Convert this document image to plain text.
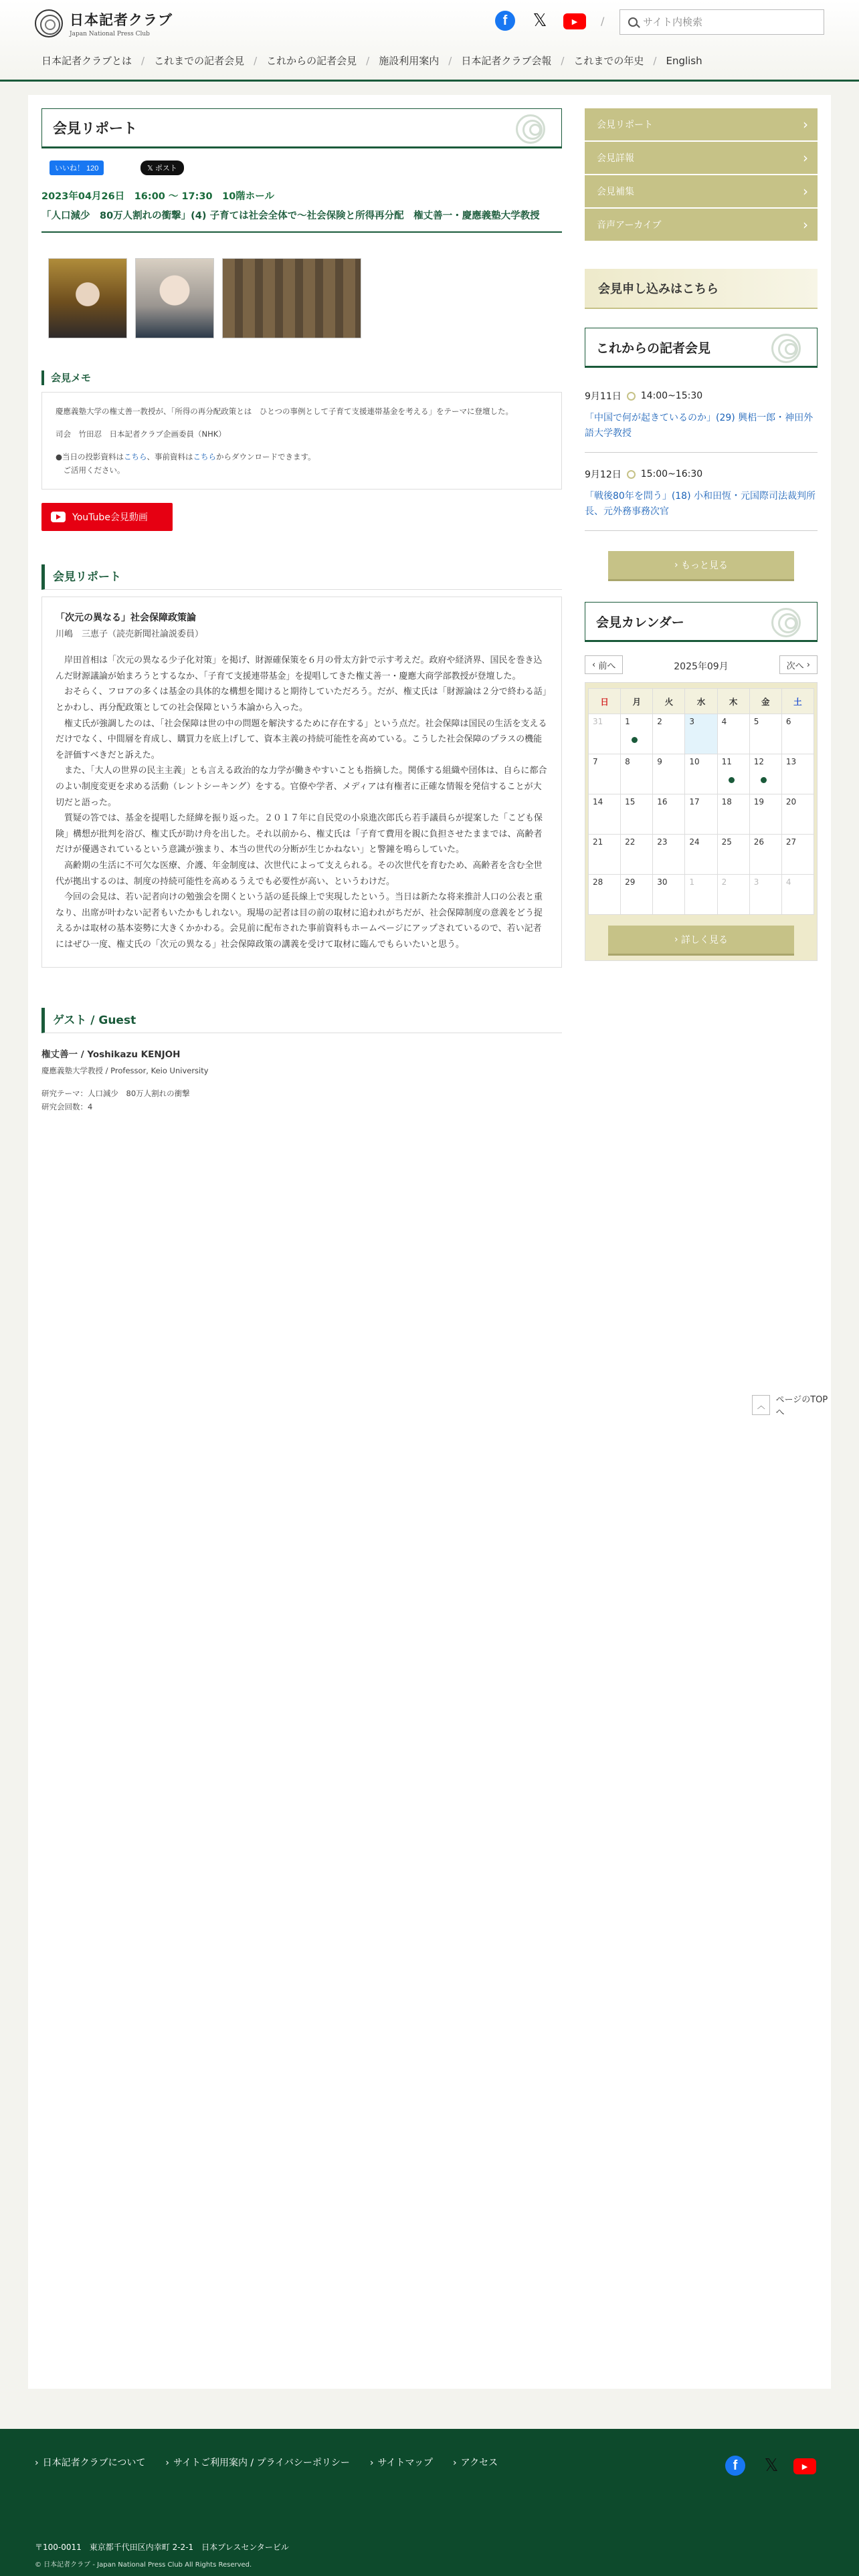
日本記者クラブ
Japan National Press Club
f	𝕏	▶	/
サイト内検索
日本記者クラブとは / これまでの記者会見 / これからの記者会見 / 施設利用案内 / 日本記者クラブ会報 / これまでの年史 / English
会見リポート
いいね！ 120	𝕏 ポスト
2023年04月26日　16:00 ～ 17:30　10階ホール
「人口減少　80万人割れの衝撃」(4) 子育ては社会全体で～社会保険と所得再分配　権丈善一・慶應義塾大学教授
会見メモ

慶應義塾大学の権丈善一教授が、「所得の再分配政策とは　ひとつの事例として子育て支援連帯基金を考える」をテーマに登壇した。

司会　竹田忍　日本記者クラブ企画委員（NHK）

●当日の投影資料はこちら、事前資料はこちらからダウンロードできます。
　ご活用ください。

YouTube会見動画
会見リポート
「次元の異なる」社会保障政策論
川嶋　三恵子（読売新聞社論説委員）

岸田首相は「次元の異なる少子化対策」を掲げ、財源確保策を６月の骨太方針で示す考えだ。政府や経済界、国民を巻き込んだ財源議論が始まろうとするなか、「子育て支援連帯基金」を提唱してきた権丈善一・慶應大商学部教授が登壇した。

おそらく、フロアの多くは基金の具体的な構想を聞けると期待していただろう。だが、権丈氏は「財源論は２分で終わる話」とかわし、再分配政策としての社会保障という本論から入った。

権丈氏が強調したのは、「社会保障は世の中の問題を解決するために存在する」という点だ。社会保障は国民の生活を支えるだけでなく、中間層を育成し、購買力を底上げして、資本主義の持続可能性を高めている。こうした社会保障のプラスの機能を評価すべきだと訴えた。

また、「大人の世界の民主主義」とも言える政治的な力学が働きやすいことも指摘した。関係する組織や団体は、自らに都合のよい制度変更を求める活動（レントシーキング）をする。官僚や学者、メディアは有権者に正確な情報を発信することが大切だと語った。

質疑の答では、基金を提唱した経緯を振り返った。２０１７年に自民党の小泉進次郎氏ら若手議員らが提案した「こども保険」構想が批判を浴び、権丈氏が助け舟を出した。それ以前から、権丈氏は「子育て費用を親に負担させたままでは、高齢者だけが優遇されているという意識が強まり、本当の世代の分断が生じかねない」と警鐘を鳴らしていた。

高齢期の生活に不可欠な医療、介護、年金制度は、次世代によって支えられる。その次世代を育むため、高齢者を含む全世代が拠出するのは、制度の持続可能性を高めるうえでも必要性が高い、というわけだ。

今回の会見は、若い記者向けの勉強会を開くという話の延長線上で実現したという。当日は新たな将来推計人口の公表と重なり、出席が叶わない記者もいたかもしれない。現場の記者は目の前の取材に追われがちだが、社会保障制度の意義をどう捉えるかは取材の基本姿勢に大きくかかわる。会見前に配布された事前資料もホームページにアップされているので、若い記者にはぜひ一度、権丈氏の「次元の異なる」社会保障政策の講義を受けて取材に臨んでもらいたいと思う。

ゲスト / Guest
権丈善一 / Yoshikazu KENJOH
慶應義塾大学教授 / Professor, Keio University
研究テーマ：人口減少　80万人割れの衝撃
研究会回数：4
会見リポート ›
会見詳報 ›
会見補集 ›
音声アーカイブ ›
会見申し込みはこちら
これからの記者会見
9月11日 14:00~15:30
「中国で何が起きているのか」(29) 興梠一郎・神田外語大学教授
9月12日 15:00~16:30
「戦後80年を問う」(18) 小和田恆・元国際司法裁判所長、元外務事務次官
› もっと見る
会見カレンダー
‹ 前へ	2025年09月	次へ ›
日	月	火	水	木	金	土
31	1	2	3	4	5	6
7	8	9	10	11	12	13
14	15	16	17	18	19	20
21	22	23	24	25	26	27
28	29	30	1	2	3	4
› 詳しく見る
︿
ページのTOPへ
› 日本記者クラブについて	› サイトご利用案内 / プライバシーポリシー	› サイトマップ	› アクセス	f	𝕏	▶
〒100-0011　東京都千代田区内幸町 2-2-1　日本プレスセンタービル
© 日本記者クラブ - Japan National Press Club All Rights Reserved.
